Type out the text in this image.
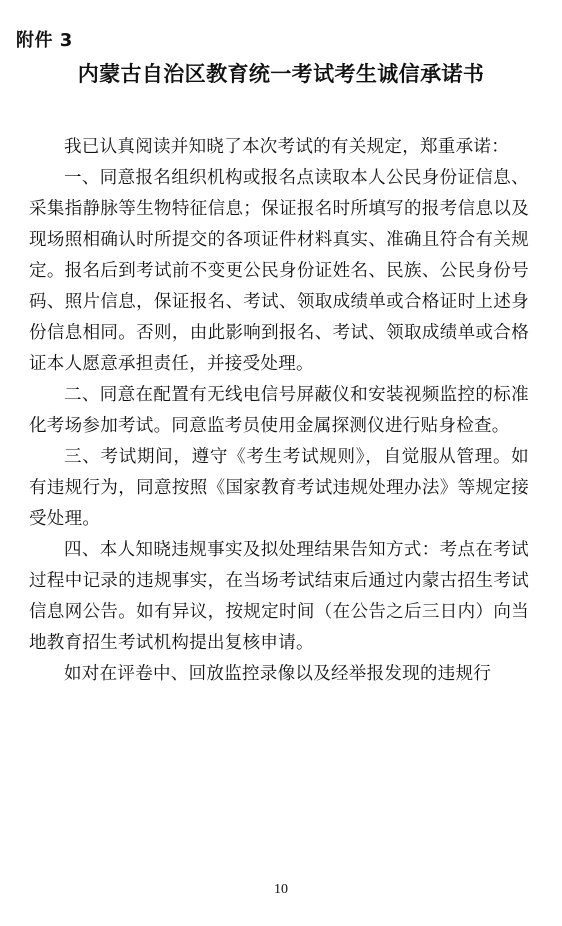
附件 3
内蒙古自治区教育统一考试考生诚信承诺书

我已认真阅读并知晓了本次考试的有关规定，郑重承诺：

一、同意报名组织机构或报名点读取本人公民身份证信息、采集指静脉等生物特征信息；保证报名时所填写的报考信息以及现场照相确认时所提交的各项证件材料真实、准确且符合有关规定。报名后到考试前不变更公民身份证姓名、民族、公民身份号码、照片信息，保证报名、考试、领取成绩单或合格证时上述身份信息相同。否则，由此影响到报名、考试、领取成绩单或合格证本人愿意承担责任，并接受处理。

二、同意在配置有无线电信号屏蔽仪和安装视频监控的标准化考场参加考试。同意监考员使用金属探测仪进行贴身检查。

三、考试期间，遵守《考生考试规则》，自觉服从管理。如有违规行为，同意按照《国家教育考试违规处理办法》等规定接受处理。

四、本人知晓违规事实及拟处理结果告知方式：考点在考试过程中记录的违规事实，在当场考试结束后通过内蒙古招生考试信息网公告。如有异议，按规定时间（在公告之后三日内）向当地教育招生考试机构提出复核申请。

如对在评卷中、回放监控录像以及经举报发现的违规行

10
